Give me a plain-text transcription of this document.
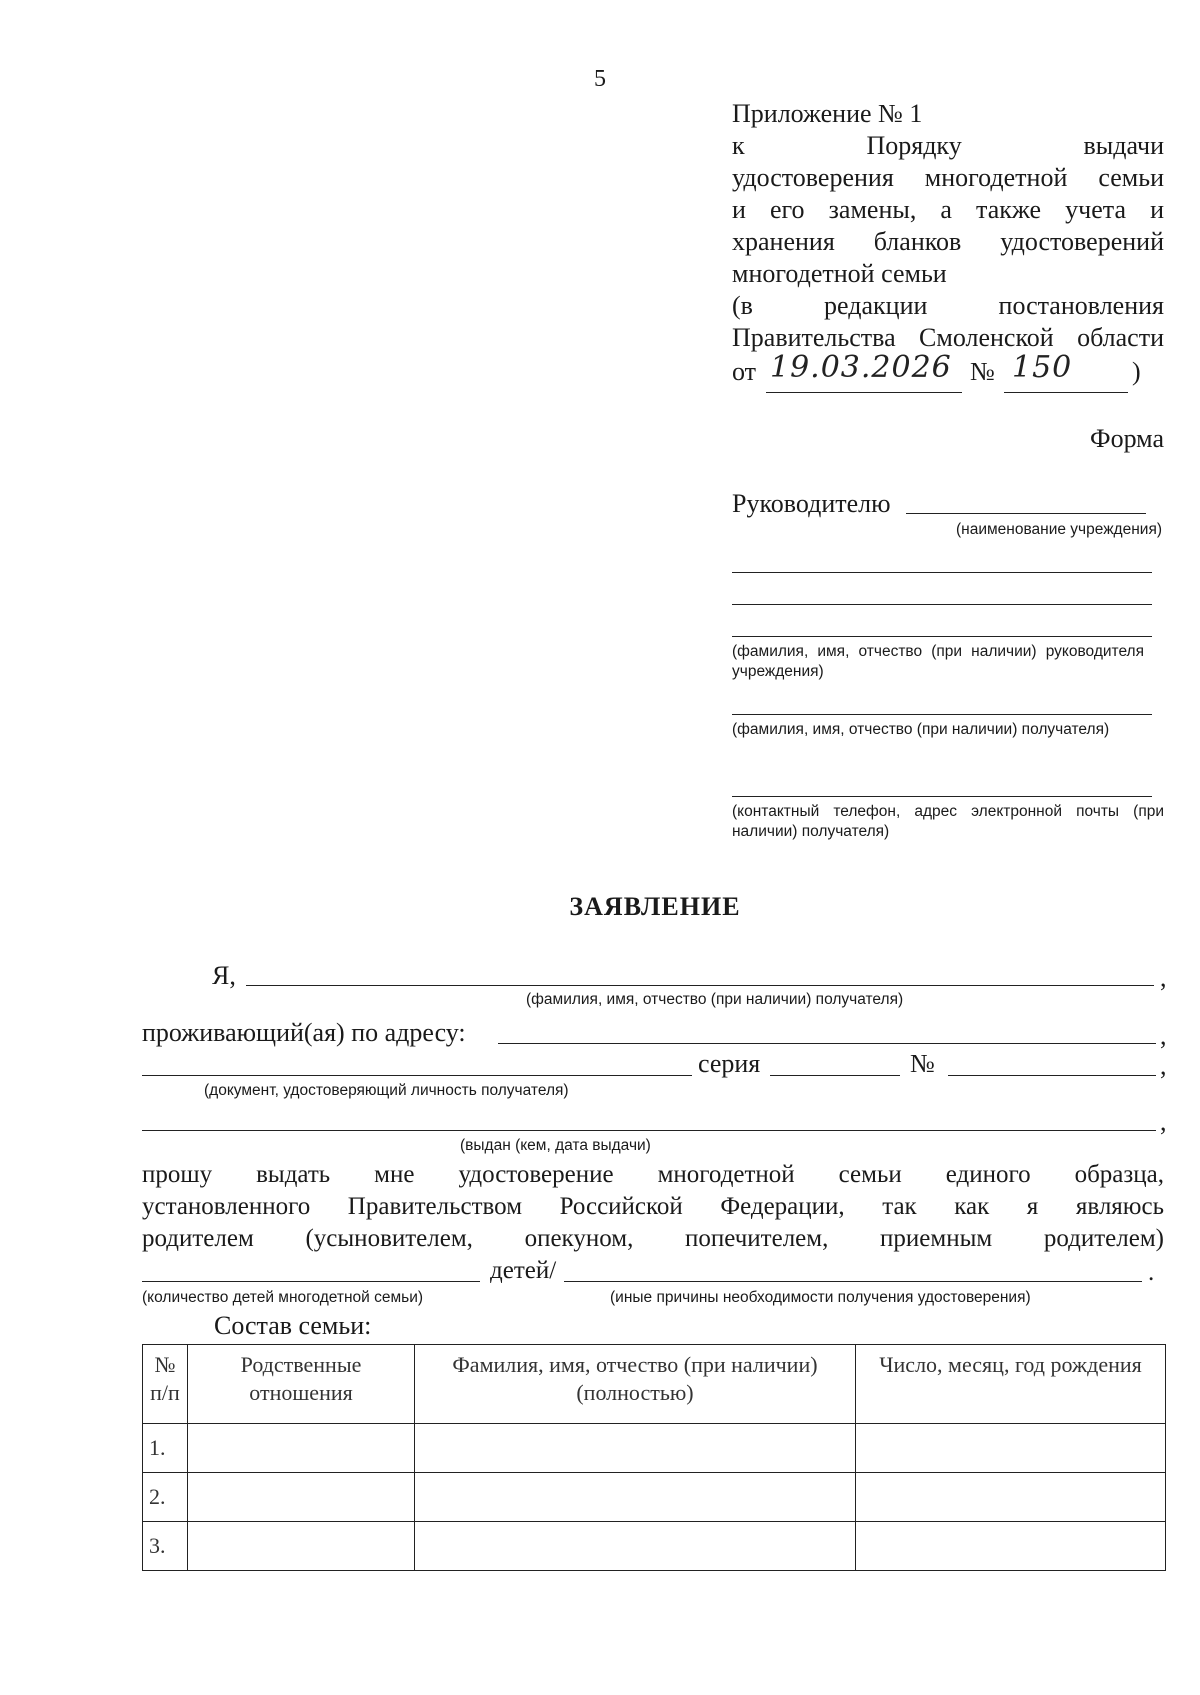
5
Приложение № 1
к Порядку выдачи
удостоверения многодетной семьи
и его замены, а также учета и
хранения бланков удостоверений
многодетной семьи
(в редакции постановления
Правительства Смоленской области
от 19.03.2026 № 150 )
Форма
Руководителю
(наименование учреждения)
(фамилия, имя, отчество (при наличии) руководителя учреждения)
(фамилия, имя, отчество (при наличии) получателя)
(контактный телефон, адрес электронной почты (при наличии) получателя)
ЗАЯВЛЕНИЕ
Я,	,
(фамилия, имя, отчество (при наличии) получателя)
проживающий(ая) по адресу:	,
серия	№	,
(документ, удостоверяющий личность получателя)
,
(выдан (кем, дата выдачи)
прошу выдать мне удостоверение многодетной семьи единого образца,
установленного Правительством Российской Федерации, так как я являюсь
родителем (усыновителем, опекуном, попечителем, приемным родителем)
детей/	.
(количество детей многодетной семьи)	(иные причины необходимости получения удостоверения)
Состав семьи:
№ п/п	Родственные отношения	Фамилия, имя, отчество (при наличии) (полностью)	Число, месяц, год рождения
1.			
2.			
3.			
